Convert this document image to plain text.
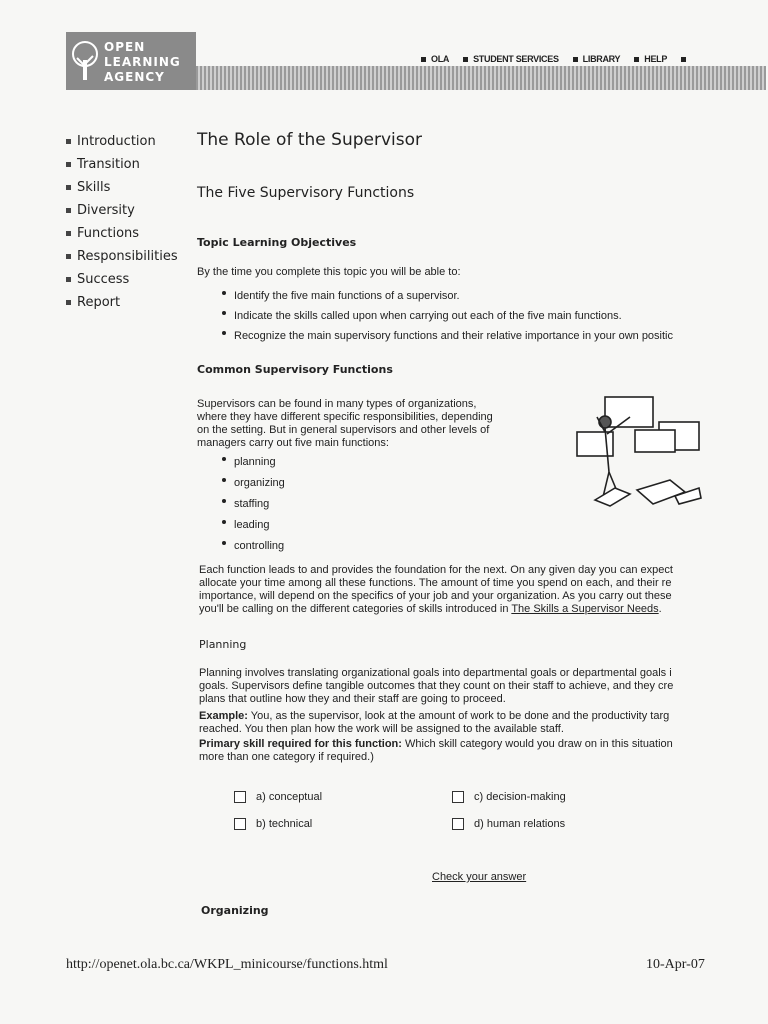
OPEN
LEARNING
AGENCY
OLA	STUDENT SERVICES	LIBRARY	HELP
Introduction
Transition
Skills
Diversity
Functions
Responsibilities
Success
Report
The Role of the Supervisor
The Five Supervisory Functions
Topic Learning Objectives
By the time you complete this topic you will be able to:
Identify the five main functions of a supervisor.
Indicate the skills called upon when carrying out each of the five main functions.
Recognize the main supervisory functions and their relative importance in your own positic
Common Supervisory Functions
Supervisors can be found in many types of organizations,
where they have different specific responsibilities, depending
on the setting. But in general supervisors and other levels of
managers carry out five main functions:
planning
organizing
staffing
leading
controlling
Each function leads to and provides the foundation for the next. On any given day you can expect
allocate your time among all these functions. The amount of time you spend on each, and their re
importance, will depend on the specifics of your job and your organization. As you carry out these
you'll be calling on the different categories of skills introduced in The Skills a Supervisor Needs.
Planning
Planning involves translating organizational goals into departmental goals or departmental goals i
goals. Supervisors define tangible outcomes that they count on their staff to achieve, and they cre
plans that outline how they and their staff are going to proceed.
Example: You, as the supervisor, look at the amount of work to be done and the productivity targ
reached. You then plan how the work will be assigned to the available staff.
Primary skill required for this function: Which skill category would you draw on in this situation
more than one category if required.)
a) conceptual
b) technical
c) decision-making
d) human relations
Check your answer
Organizing
http://openet.ola.bc.ca/WKPL_minicourse/functions.html	10-Apr-07
